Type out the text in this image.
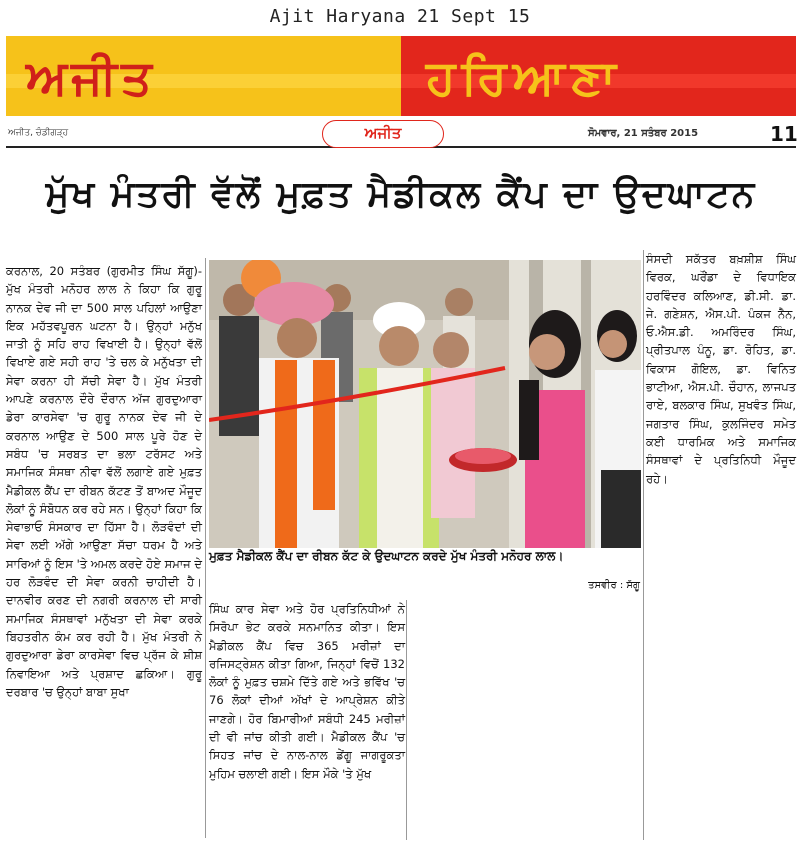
Ajit Haryana 21 Sept 15
ਅਜੀਤ	ਹਰਿਆਣਾ
ਅਜੀਤ, ਚੰਡੀਗੜ੍ਹ	ਅਜੀਤ	ਸੋਮਵਾਰ, 21 ਸਤੰਬਰ 2015	11
ਮੁੱਖ ਮੰਤਰੀ ਵੱਲੋਂ ਮੁਫ਼ਤ ਮੈਡੀਕਲ ਕੈਂਪ ਦਾ ਉਦਘਾਟਨ
ਕਰਨਾਲ, 20 ਸਤੰਬਰ (ਗੁਰਮੀਤ ਸਿੰਘ ਸੱਗੂ)- ਮੁੱਖ ਮੰਤਰੀ ਮਨੋਹਰ ਲਾਲ ਨੇ ਕਿਹਾ ਕਿ ਗੁਰੂ ਨਾਨਕ ਦੇਵ ਜੀ ਦਾ 500 ਸਾਲ ਪਹਿਲਾਂ ਆਉਣਾ ਇਕ ਮਹੱਤਵਪੂਰਨ ਘਟਨਾ ਹੈ। ਉਨ੍ਹਾਂ ਮਨੁੱਖ ਜਾਤੀ ਨੂੰ ਸਹਿ ਰਾਹ ਵਿਖਾਈ ਹੈ। ਉਨ੍ਹਾਂ ਵੱਲੋਂ ਵਿਖਾਏ ਗਏ ਸਹੀ ਰਾਹ 'ਤੇ ਚਲ ਕੇ ਮਨੁੱਖਤਾ ਦੀ ਸੇਵਾ ਕਰਨਾ ਹੀ ਸੱਚੀ ਸੇਵਾ ਹੈ। ਮੁੱਖ ਮੰਤਰੀ ਆਪਣੇ ਕਰਨਾਲ ਦੌਰੇ ਦੌਰਾਨ ਅੱਜ ਗੁਰਦੁਆਰਾ ਡੇਰਾ ਕਾਰਸੇਵਾ 'ਚ ਗੁਰੂ ਨਾਨਕ ਦੇਵ ਜੀ ਦੇ ਕਰਨਾਲ ਆਉਣ ਦੇ 500 ਸਾਲ ਪੂਰੇ ਹੋਣ ਦੇ ਸਬੰਧ 'ਚ ਸਰਬਤ ਦਾ ਭਲਾ ਟਰੱਸਟ ਅਤੇ ਸਮਾਜਿਕ ਸੰਸਥਾ ਨੀਵਾ ਵੱਲੋਂ ਲਗਾਏ ਗਏ ਮੁਫ਼ਤ ਮੈਡੀਕਲ ਕੈਂਪ ਦਾ ਰੀਬਨ ਕੱਟਣ ਤੋਂ ਬਾਅਦ ਮੌਜੂਦ ਲੋਕਾਂ ਨੂੰ ਸੰਬੋਧਨ ਕਰ ਰਹੇ ਸਨ। ਉਨ੍ਹਾਂ ਕਿਹਾ ਕਿ ਸੇਵਾਭਾਓ ਸੰਸਕਾਰ ਦਾ ਹਿੱਸਾ ਹੈ। ਲੋੜਵੰਦਾਂ ਦੀ ਸੇਵਾ ਲਈ ਅੱਗੇ ਆਉਣਾ ਸੱਚਾ ਧਰਮ ਹੈ ਅਤੇ ਸਾਰਿਆਂ ਨੂੰ ਇਸ 'ਤੇ ਅਮਲ ਕਰਦੇ ਹੋਏ ਸਮਾਜ ਦੇ ਹਰ ਲੋੜਵੰਦ ਦੀ ਸੇਵਾ ਕਰਨੀ ਚਾਹੀਦੀ ਹੈ। ਦਾਨਵੀਰ ਕਰਣ ਦੀ ਨਗਰੀ ਕਰਨਾਲ ਦੀ ਸਾਰੀ ਸਮਾਜਿਕ ਸੰਸਥਾਵਾਂ ਮਨੁੱਖਤਾ ਦੀ ਸੇਵਾ ਕਰਕੇ ਬਿਹਤਰੀਨ ਕੰਮ ਕਰ ਰਹੀ ਹੈ। ਮੁੱਖ ਮੰਤਰੀ ਨੇ ਗੁਰਦੁਆਰਾ ਡੇਰਾ ਕਾਰਸੇਵਾ ਵਿਚ ਪ੍ਰੱਜ ਕੇ ਸ਼ੀਸ਼ ਨਿਵਾਇਆ ਅਤੇ ਪ੍ਰਸ਼ਾਦ ਛਕਿਆ। ਗੁਰੂ ਦਰਬਾਰ 'ਚ ਉਨ੍ਹਾਂ ਬਾਬਾ ਸੁਖਾ
ਮੁਫ਼ਤ ਮੈਡੀਕਲ ਕੈਂਪ ਦਾ ਰੀਬਨ ਕੱਟ ਕੇ ਉਦਘਾਟਨ ਕਰਦੇ ਮੁੱਖ ਮੰਤਰੀ ਮਨੋਹਰ ਲਾਲ।
ਤਸਵੀਰ : ਸੱਗੂ
ਸਿੰਘ ਕਾਰ ਸੇਵਾ ਅਤੇ ਹੋਰ ਪ੍ਰਤਿਨਿਧੀਆਂ ਨੇ ਸਿਰੋਪਾ ਭੇਟ ਕਰਕੇ ਸਨਮਾਨਿਤ ਕੀਤਾ। ਇਸ ਮੈਡੀਕਲ ਕੈਂਪ ਵਿਚ 365 ਮਰੀਜ਼ਾਂ ਦਾ ਰਜਿਸਟ੍ਰੇਸ਼ਨ ਕੀਤਾ ਗਿਆ, ਜਿਨ੍ਹਾਂ ਵਿਚੋਂ 132 ਲੋਕਾਂ ਨੂੰ ਮੁਫ਼ਤ ਚਸ਼ਮੇ ਦਿੱਤੇ ਗਏ ਅਤੇ ਭਵਿੱਖ 'ਚ 76 ਲੋਕਾਂ ਦੀਆਂ ਅੱਖਾਂ ਦੇ ਆਪ੍ਰੇਸ਼ਨ ਕੀਤੇ ਜਾਣਗੇ। ਹੋਰ ਬਿਮਾਰੀਆਂ ਸਬੰਧੀ 245 ਮਰੀਜ਼ਾਂ ਦੀ ਵੀ ਜਾਂਚ ਕੀਤੀ ਗਈ। ਮੈਡੀਕਲ ਕੈਂਪ 'ਚ ਸਿਹਤ ਜਾਂਚ ਦੇ ਨਾਲ-ਨਾਲ ਡੇਂਗੂ ਜਾਗਰੂਕਤਾ ਮੁਹਿਮ ਚਲਾਈ ਗਈ। ਇਸ ਮੌਕੇ 'ਤੇ ਮੁੱਖ
ਸੰਸਦੀ ਸਕੱਤਰ ਬਖ਼ਸ਼ੀਸ਼ ਸਿੰਘ ਵਿਰਕ, ਘਰੌਂਡਾ ਦੇ ਵਿਧਾਇਕ ਹਰਵਿੰਦਰ ਕਲਿਆਣ, ਡੀ.ਸੀ. ਡਾ. ਜੇ. ਗਣੇਸ਼ਨ, ਐਸ.ਪੀ. ਪੰਕਜ ਨੈਨ, ਓ.ਐਸ.ਡੀ. ਅਮਰਿੰਦਰ ਸਿੰਘ, ਪ੍ਰੀਤਪਾਲ ਪੰਨੂ, ਡਾ. ਰੋਹਿਤ, ਡਾ. ਵਿਕਾਸ ਗੋਇਲ, ਡਾ. ਵਿਨਿਤ ਭਾਟੀਆ, ਐਸ.ਪੀ. ਚੌਹਾਨ, ਲਾਜਪਤ ਰਾਏ, ਬਲਕਾਰ ਸਿੰਘ, ਸੁਖਵੰਤ ਸਿੰਘ, ਜਗਤਾਰ ਸਿੰਘ, ਕੁਲਜਿੰਦਰ ਸਮੇਤ ਕਈ ਧਾਰਮਿਕ ਅਤੇ ਸਮਾਜਿਕ ਸੰਸਥਾਵਾਂ ਦੇ ਪ੍ਰਤਿਨਿਧੀ ਮੌਜੂਦ ਰਹੇ।
